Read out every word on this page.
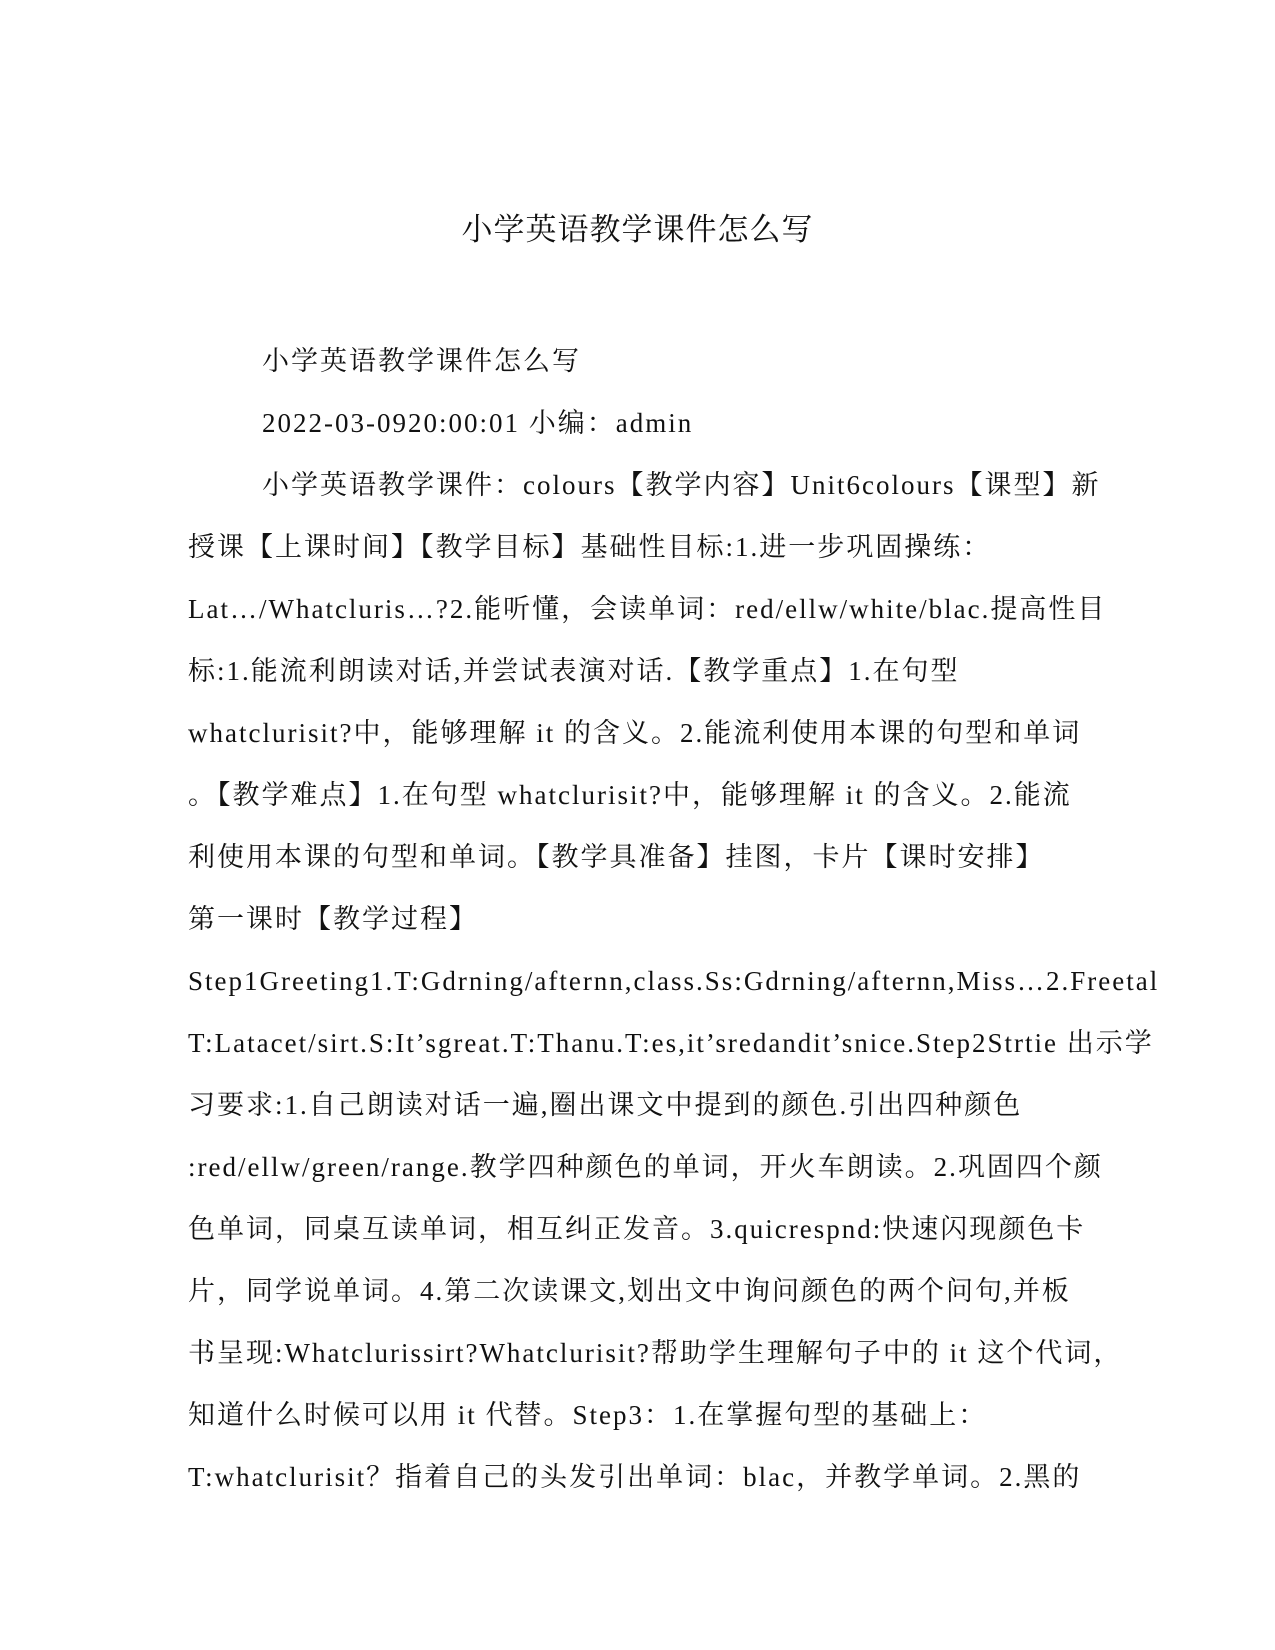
小学英语教学课件怎么写

小学英语教学课件怎么写

2022-03-0920:00:01 小编：admin

小学英语教学课件：colours【教学内容】Unit6colours【课型】新

授课【上课时间】【教学目标】基础性目标:1.进一步巩固操练：
Lat…/Whatcluris…?2.能听懂，会读单词：red/ellw/white/blac.提高性目
标:1.能流利朗读对话,并尝试表演对话.【教学重点】1.在句型
whatclurisit?中，能够理解 it 的含义。2.能流利使用本课的句型和单词
。【教学难点】1.在句型 whatclurisit?中，能够理解 it 的含义。2.能流
利使用本课的句型和单词。【教学具准备】挂图，卡片【课时安排】
第一课时【教学过程】
Step1Greeting1.T:Gdrning/afternn,class.Ss:Gdrning/afternn,Miss…2.Freetal
T:Latacet/sirt.S:It’sgreat.T:Thanu.T:es,it’sredandit’snice.Step2Strtie 出示学
习要求:1.自己朗读对话一遍,圈出课文中提到的颜色.引出四种颜色
:red/ellw/green/range.教学四种颜色的单词，开火车朗读。2.巩固四个颜
色单词，同桌互读单词，相互纠正发音。3.quicrespnd:快速闪现颜色卡
片，同学说单词。4.第二次读课文,划出文中询问颜色的两个问句,并板
书呈现:Whatclurissirt?Whatclurisit?帮助学生理解句子中的 it 这个代词，
知道什么时候可以用 it 代替。Step3：1.在掌握句型的基础上：
T:whatclurisit？指着自己的头发引出单词：blac，并教学单词。2.黑的
